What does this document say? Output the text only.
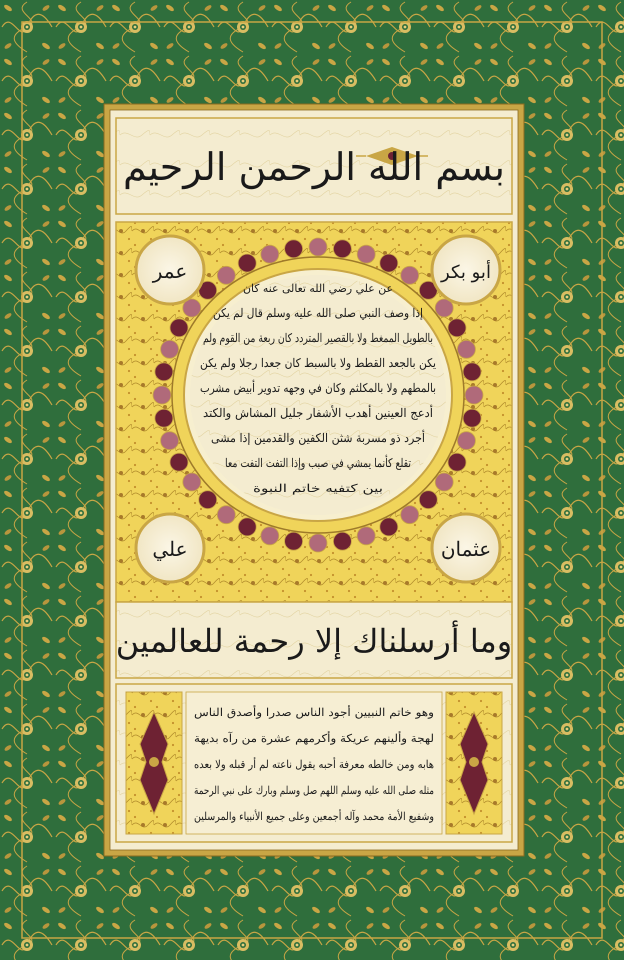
بسم الله الرحمن الرحيم
عمر	أبو بكر
علي	عثمان
عن علي رضي الله تعالى عنه كان
إذا وصف النبي صلى الله عليه وسلم قال لم يكن
بالطويل الممغط ولا بالقصير المتردد كان ربعة من القوم ولم
يكن بالجعد القطط ولا بالسبط كان جعدا رجلا ولم يكن
بالمطهم ولا بالمكلثم وكان في وجهه تدوير أبيض مشرب
أدعج العينين أهدب الأشفار جليل المشاش والكتد
أجرد ذو مسربة شثن الكفين والقدمين إذا مشى
تقلع كأنما يمشي في صبب وإذا التفت التفت معا
بين كتفيه خاتم النبوة
وما أرسلناك إلا رحمة للعالمين
وهو خاتم النبيين أجود الناس صدرا وأصدق الناس
لهجة وألينهم عريكة وأكرمهم عشرة من رآه بديهة
هابه ومن خالطه معرفة أحبه يقول ناعته لم أر قبله ولا بعده
مثله صلى الله عليه وسلم اللهم صل وسلم وبارك على نبي الرحمة
وشفيع الأمة محمد وآله أجمعين وعلى جميع الأنبياء والمرسلين
